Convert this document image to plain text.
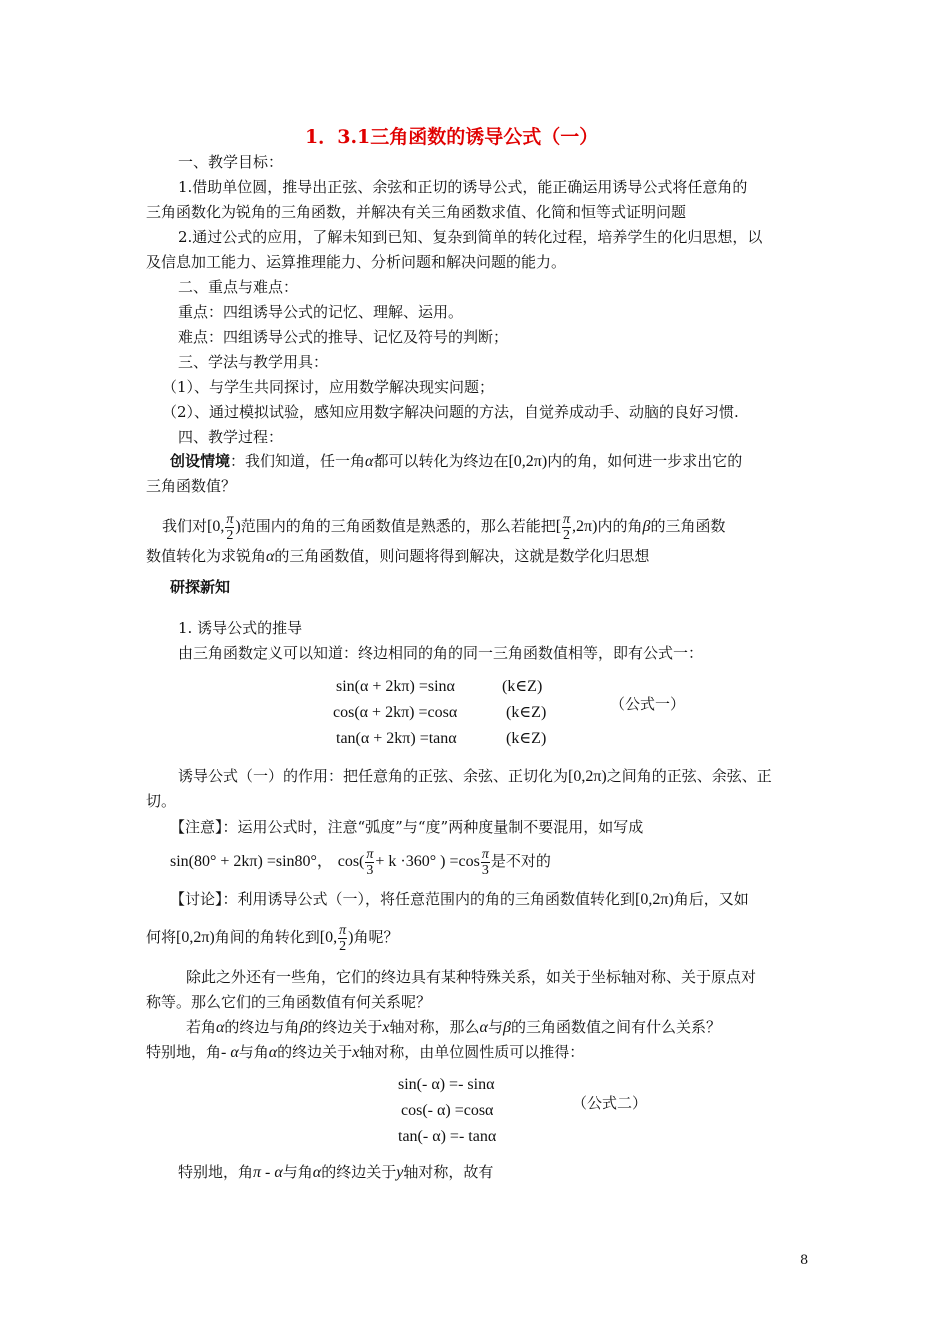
1．3.1三角函数的诱导公式（一）
一、教学目标：
1.借助单位圆，推导出正弦、余弦和正切的诱导公式，能正确运用诱导公式将任意角的
三角函数化为锐角的三角函数，并解决有关三角函数求值、化简和恒等式证明问题
2.通过公式的应用，了解未知到已知、复杂到简单的转化过程，培养学生的化归思想，以
及信息加工能力、运算推理能力、分析问题和解决问题的能力。
二、重点与难点：
重点：四组诱导公式的记忆、理解、运用。
难点：四组诱导公式的推导、记忆及符号的判断；
三、学法与教学用具：
（1）、与学生共同探讨，应用数学解决现实问题；
（2）、通过模拟试验，感知应用数字解决问题的方法，自觉养成动手、动脑的良好习惯.
四、教学过程：
创设情境：我们知道，任一角α都可以转化为终边在[0,2π)内的角，如何进一步求出它的
三角函数值？
我们对[0, $\frac{\pi}{2}$ )范围内的角的三角函数值是熟悉的，那么若能把[ $\frac{\pi}{2} ,2\pi$)内的角β的三角函数
数值转化为求锐角α的三角函数值，则问题将得到解决，这就是数学化归思想
研探新知
1. 诱导公式的推导
由三角函数定义可以知道：终边相同的角的同一三角函数值相等，即有公式一：
sin(α + 2kπ) =sinα	(k∈Z)
cos(α + 2kπ) =cosα	(k∈Z)
tan(α + 2kπ) =tanα	(k∈Z)
（公式一）
诱导公式（一）的作用：把任意角的正弦、余弦、正切化为[0,2π)之间角的正弦、余弦、正
切。
【注意】：运用公式时，注意“弧度”与“度”两种度量制不要混用，如写成
sin(80° + 2kπ) =sin80°， $\cos( \frac{\pi}{3} + k \cdot 360^\circ$ ) $=\cos \frac{\pi}{3}$ 是不对的
【讨论】：利用诱导公式（一），将任意范围内的角的三角函数值转化到[0,2π)角后，又如
何将[0,2π)角间的角转化到[0, $\frac{\pi}{2}$ )角呢？
除此之外还有一些角，它们的终边具有某种特殊关系，如关于坐标轴对称、关于原点对
称等。那么它们的三角函数值有何关系呢？
若角α的终边与角β的终边关于x轴对称，那么α与β的三角函数值之间有什么关系？
特别地，角- α与角α的终边关于x轴对称，由单位圆性质可以推得：
sin(- α) =- sinα
cos(- α) =cosα
tan(- α) =- tanα
（公式二）
特别地，角π - α与角α的终边关于y轴对称，故有
8
